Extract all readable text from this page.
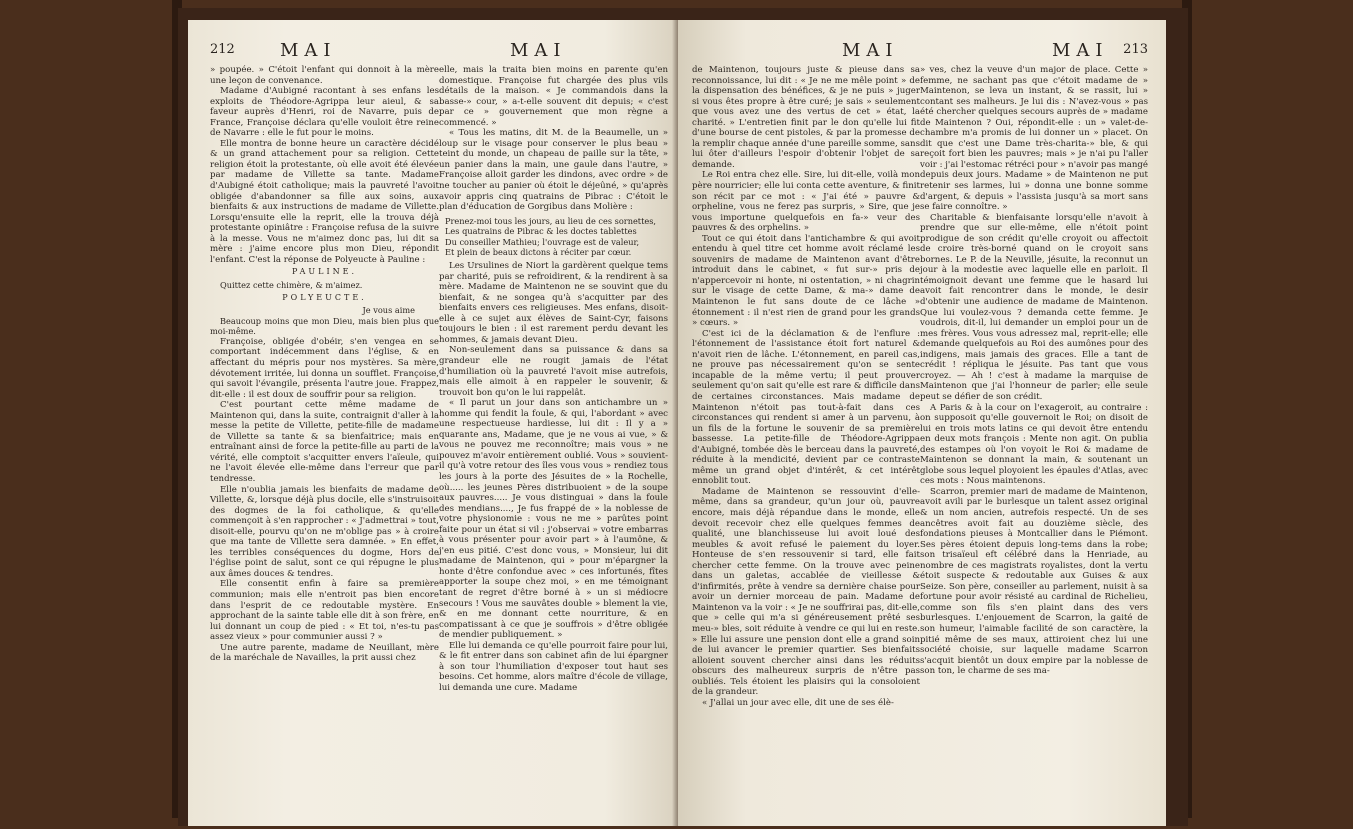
212	MAI	MAI

» poupée. » C'étoit l'enfant qui donnoit à la mère une leçon de convenance.

Madame d'Aubigné racontant à ses enfans les exploits de Théodore-Agrippa leur aieul, & sa faveur auprès d'Henri, roi de Navarre, puis de France, Françoise déclara qu'elle vouloit être reine de Navarre : elle le fut pour le moins.

Elle montra de bonne heure un caractère décidé & un grand attachement pour sa religion. Cette religion étoit la protestante, où elle avoit été élevée par madame de Villette sa tante. Madame d'Aubigné étoit catholique; mais la pauvreté l'avoit obligée d'abandonner sa fille aux soins, aux bienfaits & aux instructions de madame de Villette. Lorsqu'ensuite elle la reprit, elle la trouva déjà protestante opiniâtre : Françoise refusa de la suivre à la messe. Vous ne m'aimez donc pas, lui dit sa mère : j'aime encore plus mon Dieu, répondit l'enfant. C'est la réponse de Polyeucte à Pauline :

PAULINE.

Quittez cette chimère, & m'aimez.

POLYEUCTE.

Je vous aime

Beaucoup moins que mon Dieu, mais bien plus que moi-même.

Françoise, obligée d'obéir, s'en vengea en se comportant indécemment dans l'église, & en affectant du mépris pour nos mystères. Sa mère, dévotement irritée, lui donna un soufflet. Françoise, qui savoit l'évangile, présenta l'autre joue. Frappez, dit-elle : il est doux de souffrir pour sa religion.

C'est pourtant cette même madame de Maintenon qui, dans la suite, contraignit d'aller à la messe la petite de Villette, petite-fille de madame de Villette sa tante & sa bienfaitrice; mais en entraînant ainsi de force la petite-fille au parti de la vérité, elle comptoit s'acquitter envers l'aïeule, qui ne l'avoit élevée elle-même dans l'erreur que par tendresse.

Elle n'oublia jamais les bienfaits de madame de Villette, &, lorsque déjà plus docile, elle s'instruisoit des dogmes de la foi catholique, & qu'elle commençoit à s'en rapprocher : « J'admettrai » tout, disoit-elle, pourvu qu'on ne m'oblige pas » à croire que ma tante de Villette sera damnée. » En effet, les terribles conséquences du dogme, Hors de l'église point de salut, sont ce qui répugne le plus aux âmes douces & tendres.

Elle consentit enfin à faire sa première communion; mais elle n'entroit pas bien encore dans l'esprit de ce redoutable mystère. En approchant de la sainte table elle dit à son frère, en lui donnant un coup de pied : « Et toi, n'es-tu pas assez vieux » pour communier aussi ? »

Une autre parente, madame de Neuillant, mère de la maréchale de Navailles, la prit aussi chez

elle, mais la traita bien moins en parente qu'en domestique. Françoise fut chargée des plus vils détails de la maison. « Je commandois dans la basse-» cour, » a-t-elle souvent dit depuis; « c'est par ce » gouvernement que mon règne a commencé. »

« Tous les matins, dit M. de la Beaumelle, un » loup sur le visage pour conserver le plus beau » teint du monde, un chapeau de paille sur la tête, » un panier dans la main, une gaule dans l'autre, » Françoise alloit garder les dindons, avec ordre » de ne toucher au panier où étoit le déjeûné, » qu'après avoir appris cinq quatrains de Pibrac : C'étoit le plan d'éducation de Gorgibus dans Molière :

Prenez-moi tous les jours, au lieu de ces sornettes,
Les quatrains de Pibrac & les doctes tablettes
Du conseiller Mathieu; l'ouvrage est de valeur,
Et plein de beaux dictons à réciter par cœur.

Les Ursulines de Niort la gardèrent quelque tems par charité, puis se refroidirent, & la rendirent à sa mère. Madame de Maintenon ne se souvint que du bienfait, & ne songea qu'à s'acquitter par des bienfaits envers ces religieuses. Mes enfans, disoit-elle à ce sujet aux élèves de Saint-Cyr, faisons toujours le bien : il est rarement perdu devant les hommes, & jamais devant Dieu.

Non-seulement dans sa puissance & dans sa grandeur elle ne rougit jamais de l'état d'humiliation où la pauvreté l'avoit mise autrefois, mais elle aimoit à en rappeler le souvenir, & trouvoit bon qu'on le lui rappelât.

« Il parut un jour dans son antichambre un » homme qui fendit la foule, & qui, l'abordant » avec une respectueuse hardiesse, lui dit : Il y a » quarante ans, Madame, que je ne vous ai vue, » & vous ne pouvez me reconnoître; mais vous » ne pouvez m'avoir entièrement oublié. Vous » souvient-il qu'à votre retour des îles vous vous » rendiez tous les jours à la porte des Jésuites de » la Rochelle, où..... les jeunes Pères distribuoient » de la soupe aux pauvres..... Je vous distinguai » dans la foule des mendians...., Je fus frappé de » la noblesse de votre physionomie : vous ne me » parûtes point faite pour un état si vil : j'observai » votre embarras à vous présenter pour avoir part » à l'aumône, & j'en eus pitié. C'est donc vous, » Monsieur, lui dit madame de Maintenon, qui » pour m'épargner la honte d'être confondue avec » ces infortunés, fîtes apporter la soupe chez moi, » en me témoignant tant de regret d'être borné à » un si médiocre secours ! Vous me sauvâtes double » blement la vie, & en me donnant cette nourriture, & en compatissant à ce que je souffrois » d'être obligée de mendier publiquement. »

Elle lui demanda ce qu'elle pourroit faire pour lui, & le fit entrer dans son cabinet afin de lui épargner à son tour l'humiliation d'exposer tout haut ses besoins. Cet homme, alors maître d'école de village, lui demanda une cure. Madame

MAI	MAI 213

de Maintenon, toujours juste & pieuse dans sa reconnoissance, lui dit : « Je ne me mêle point » de la dispensation des bénéfices, & je ne puis » juger si vous êtes propre à être curé; je sais » seulement que vous avez une des vertus de cet » état, la charité. » L'entretien finit par le don qu'elle lui fit d'une bourse de cent pistoles, & par la promesse de la remplir chaque année d'une pareille somme, sans lui ôter d'ailleurs l'espoir d'obtenir l'objet de sa demande.

Le Roi entra chez elle. Sire, lui dit-elle, voilà mon père nourricier; elle lui conta cette aventure, & finit son récit par ce mot : « J'ai été » pauvre & orpheline, vous ne ferez pas surpris, » Sire, que je vous importune quelquefois en fa-» veur des pauvres & des orphelins. »

Tout ce qui étoit dans l'antichambre & qui avoit entendu à quel titre cet homme avoit réclamé les souvenirs de madame de Maintenon avant d'être introduit dans le cabinet, « fut sur-» pris de n'appercevoir ni honte, ni ostentation, » ni chagrin sur le visage de cette Dame, & ma-» dame de Maintenon le fut sans doute de ce lâche » étonnement : il n'est rien de grand pour les grands » cœurs. »

C'est ici de la déclamation & de l'enflure : l'étonnement de l'assistance étoit fort naturel & n'avoit rien de lâche. L'étonnement, en pareil cas, ne prouve pas nécessairement qu'on se sente incapable de la même vertu; il peut prouver seulement qu'on sait qu'elle est rare & difficile dans de certaines circonstances. Mais madame de Maintenon n'étoit pas tout-à-fait dans ces circonstances qui rendent si amer à un parvenu, à un fils de la fortune le souvenir de sa première bassesse. La petite-fille de Théodore-Agrippa d'Aubigné, tombée dès le berceau dans la pauvreté, réduite à la mendicité, devient par ce contraste même un grand objet d'intérêt, & cet intérêt ennoblit tout.

Madame de Maintenon se ressouvint d'elle-même, dans sa grandeur, qu'un jour où, pauvre encore, mais déjà répandue dans le monde, elle devoit recevoir chez elle quelques femmes de qualité, une blanchisseuse lui avoit loué des meubles & avoit refusé le paiement du loyer. Honteuse de s'en ressouvenir si tard, elle fait chercher cette femme. On la trouve avec peine dans un galetas, accablée de vieillesse & d'infirmités, prête à vendre sa dernière chaise pour avoir un dernier morceau de pain. Madame de Maintenon va la voir : « Je ne souffrirai pas, dit-elle, que » celle qui m'a si généreusement prêté ses meu-» bles, soit réduite à vendre ce qui lui en reste. » Elle lui assure une pension dont elle a grand soin de lui avancer le premier quartier. Ses bienfaits alloient souvent chercher ainsi dans les réduits obscurs des malheureux surpris de n'être pas oubliés. Tels étoient les plaisirs qui la consoloient de la grandeur.

« J'allai un jour avec elle, dit une de ses élè-

» ves, chez la veuve d'un major de place. Cette » femme, ne sachant pas que c'étoit madame de » Maintenon, se leva un instant, & se rassit, lui » contant ses malheurs. Je lui dis : N'avez-vous » pas été chercher quelques secours auprès de » madame de Maintenon ? Oui, répondit-elle : un » valet-de-chambre m'a promis de lui donner un » placet. On dit que c'est une Dame très-charita-» ble, & qui reçoit fort bien les pauvres; mais » je n'ai pu l'aller voir : j'ai l'estomac rétréci pour » n'avoir pas mangé depuis deux jours. Madame » de Maintenon ne put retenir ses larmes, lui » donna une bonne somme d'argent, & depuis » l'assista jusqu'à sa mort sans se faire connoître. »

Charitable & bienfaisante lorsqu'elle n'avoit à prendre que sur elle-même, elle n'étoit point prodigue de son crédit qu'elle croyoit ou affectoit de croire très-borné quand on le croyoit sans bornes. Le P. de la Neuville, jésuite, la reconnut un jour à la modestie avec laquelle elle en parloit. Il témoignoit devant une femme que le hasard lui avoit fait rencontrer dans le monde, le desir d'obtenir une audience de madame de Maintenon. Que lui voulez-vous ? demanda cette femme. Je voudrois, dit-il, lui demander un emploi pour un de mes frères. Vous vous adressez mal, reprit-elle; elle demande quelquefois au Roi des aumônes pour des indigens, mais jamais des graces. Elle a tant de crédit ! répliqua le jésuite. Pas tant que vous croyez. — Ah ! c'est à madame la marquise de Maintenon que j'ai l'honneur de parler; elle seule peut se défier de son crédit.

A Paris & à la cour on l'exageroit, au contraire : on supposoit qu'elle gouvernoit le Roi; on disoit de lui en trois mots latins ce qui devoit être entendu en deux mots françois : Mente non agit. On publia des estampes où l'on voyoit le Roi & madame de Maintenon se donnant la main, & soutenant un globe sous lequel ployoient les épaules d'Atlas, avec ces mots : Nous maintenons.

Scarron, premier mari de madame de Maintenon, avoit avili par le burlesque un talent assez original & un nom ancien, autrefois respecté. Un de ses ancêtres avoit fait au douzième siècle, des fondations pieuses à Montcallier dans le Piémont. Ses pères étoient depuis long-tems dans la robe; son trisaïeul eft célébré dans la Henriade, au nombre de ces magistrats royalistes, dont la vertu étoit suspecte & redoutable aux Guises & aux Seize. Son père, conseiller au parlement, nuisit à sa fortune pour avoir résisté au cardinal de Richelieu, comme son fils s'en plaint dans des vers burlesques. L'enjouement de Scarron, la gaité de son humeur, l'aimable facilité de son caractère, la pitié même de ses maux, attiroient chez lui une société choisie, sur laquelle madame Scarron s'acquit bientôt un doux empire par la noblesse de son ton, le charme de ses ma-
